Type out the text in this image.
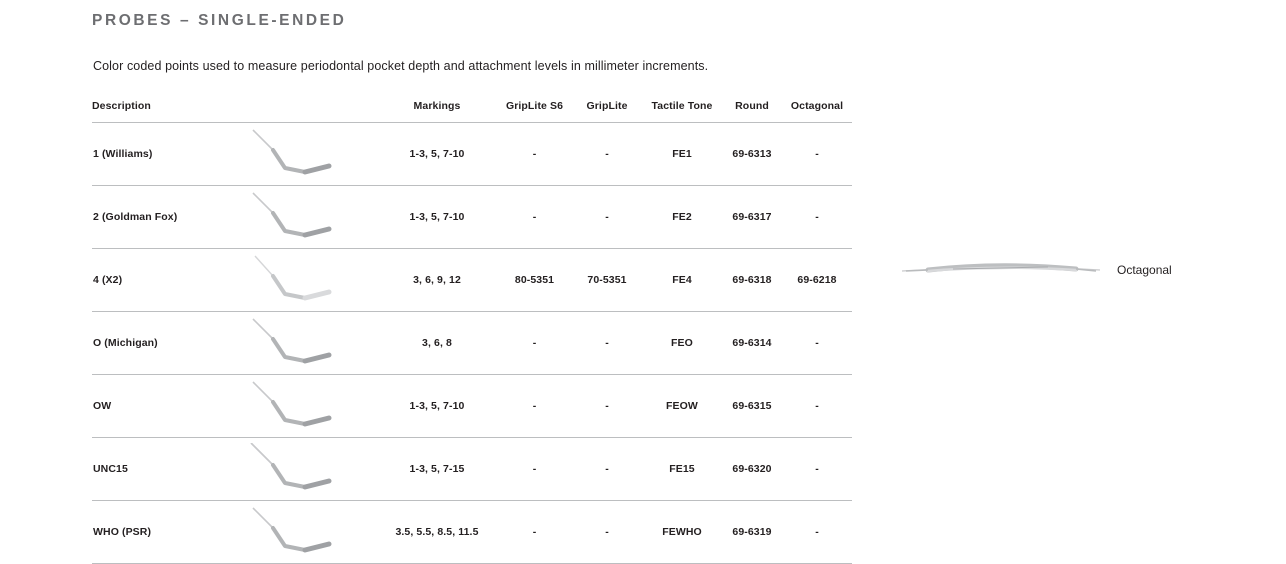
PROBES – SINGLE-ENDED
Color coded points used to measure periodontal pocket depth and attachment levels in millimeter increments.
Description		Markings	GripLite S6	GripLite	Tactile Tone	Round	Octagonal
1 (Williams)		1-3, 5, 7-10	-	-	FE1	69-6313	-
2 (Goldman Fox)		1-3, 5, 7-10	-	-	FE2	69-6317	-
4 (X2)		3, 6, 9, 12	80-5351	70-5351	FE4	69-6318	69-6218
O (Michigan)		3, 6, 8	-	-	FEO	69-6314	-
OW		1-3, 5, 7-10	-	-	FEOW	69-6315	-
UNC15		1-3, 5, 7-15	-	-	FE15	69-6320	-
WHO (PSR)		3.5, 5.5, 8.5, 11.5	-	-	FEWHO	69-6319	-
Octagonal
